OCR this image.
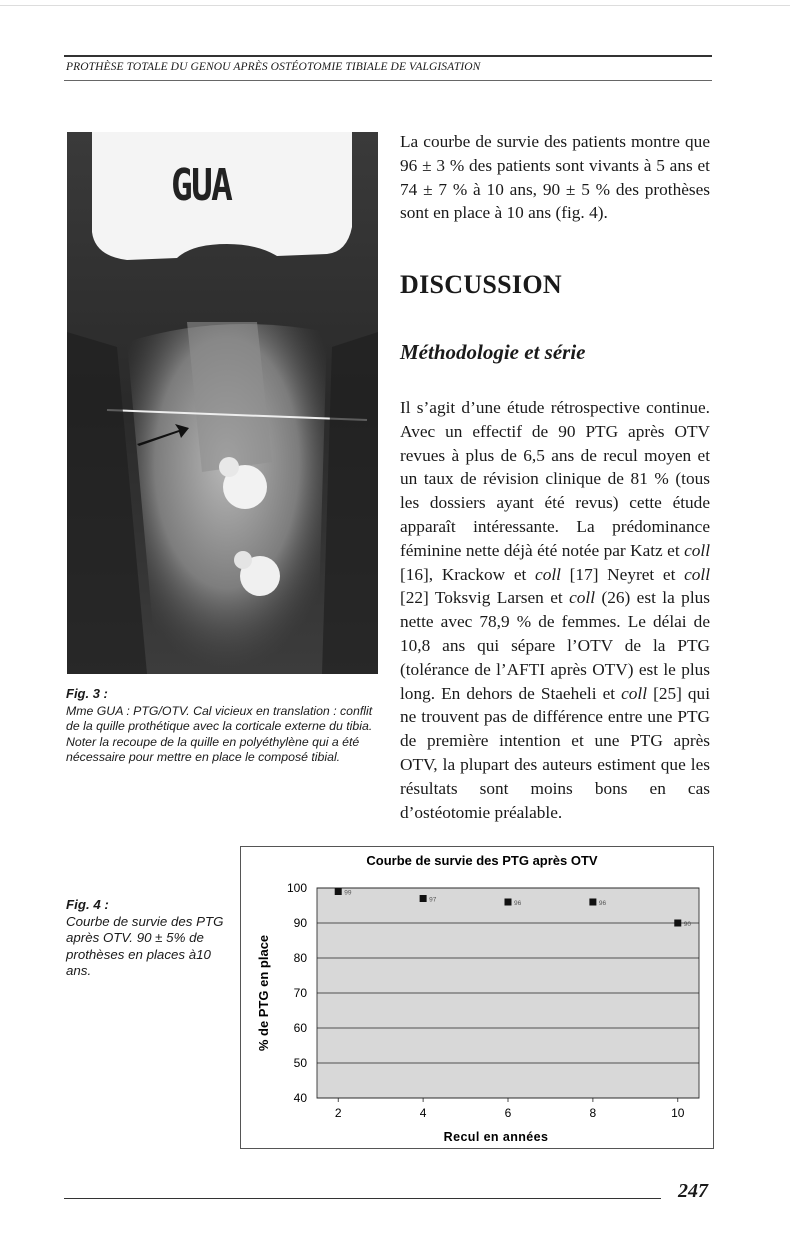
PROTHÈSE TOTALE DU GENOU APRÈS OSTÉOTOMIE TIBIALE DE VALGISATION
GUA
Fig. 3 :
Mme GUA : PTG/OTV. Cal vicieux en translation : conflit de la quille prothétique avec la corticale externe du tibia. Noter la recoupe de la quille en polyéthylène qui a été nécessaire pour mettre en place le composé tibial.
La courbe de survie des patients montre que 96 ± 3 % des patients sont vivants à 5 ans et 74 ± 7 % à 10 ans, 90 ± 5 % des prothèses sont en place à 10 ans (fig. 4).
DISCUSSION
Méthodologie et série
Il s’agit d’une étude rétrospective continue. Avec un effectif de 90 PTG après OTV revues à plus de 6,5 ans de recul moyen et un taux de révision clinique de 81 % (tous les dossiers ayant été revus) cette étude apparaît intéressante. La prédominance féminine nette déjà été notée par Katz et coll [16], Krackow et coll [17] Neyret et coll [22] Toksvig Larsen et coll (26) est la plus nette avec 78,9 % de femmes. Le délai de 10,8 ans qui sépare l’OTV de la PTG (tolérance de l’AFTI après OTV) est le plus long. En dehors de Staeheli et coll [25] qui ne trouvent pas de différence entre une PTG de première intention et une PTG après OTV, la plupart des auteurs estiment que les résultats sont moins bons en cas d’ostéotomie préalable.
Fig. 4 :
Courbe de survie des PTG après OTV. 90 ± 5% de prothèses en places à10 ans.
40
50
60
70
80
90
100
2	4	6	8	10
99
97	96	96
90
Courbe de survie des PTG après OTV
Recul en années
% de PTG en place
247
